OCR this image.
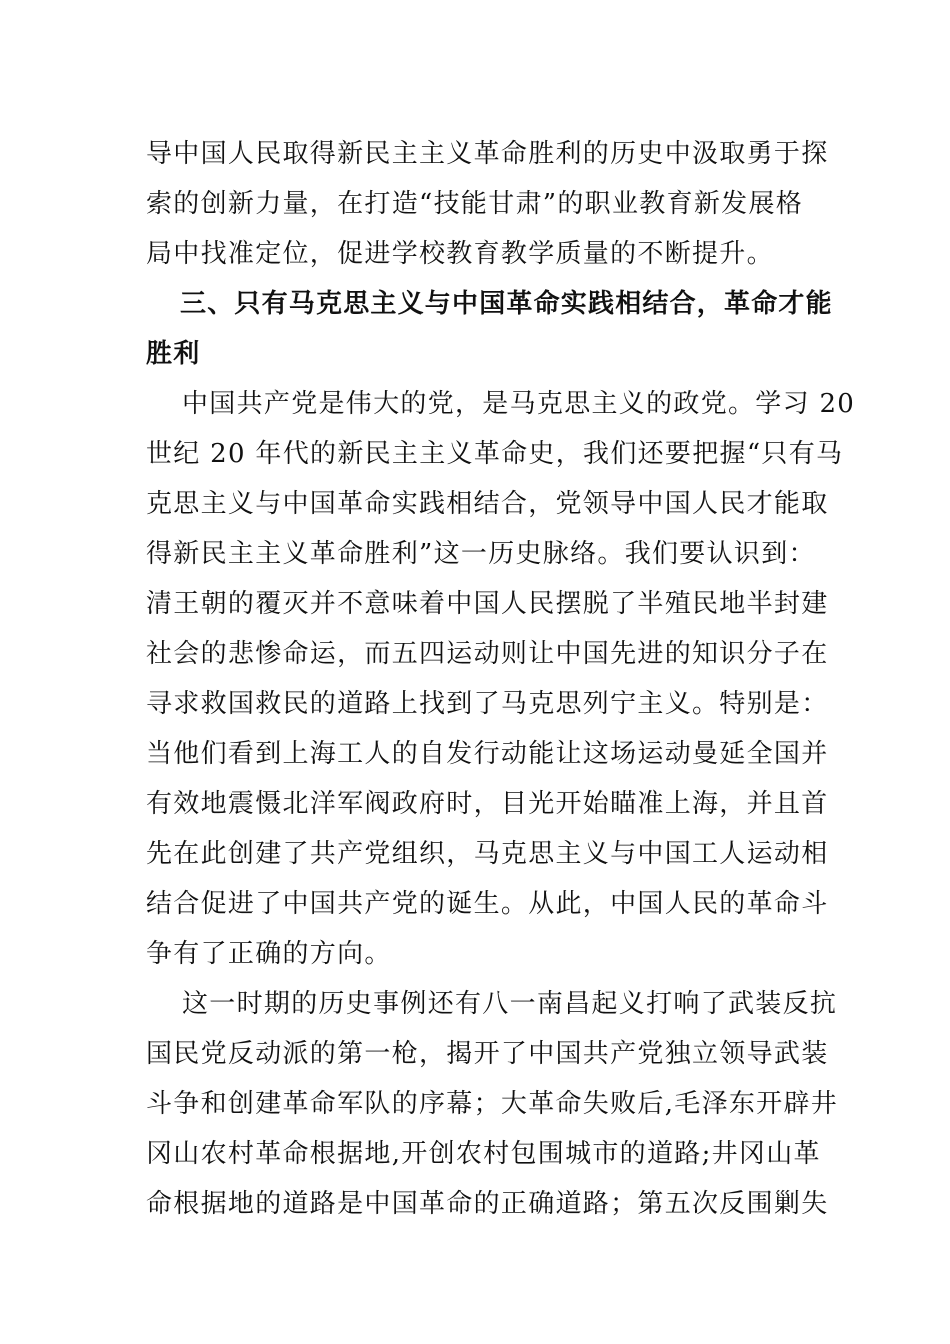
导中国人民取得新民主主义革命胜利的历史中汲取勇于探
索的创新力量，在打造“技能甘肃”的职业教育新发展格
局中找准定位，促进学校教育教学质量的不断提升。
三、只有马克思主义与中国革命实践相结合，革命才能
胜利
中国共产党是伟大的党，是马克思主义的政党。学习 20
世纪 20 年代的新民主主义革命史，我们还要把握“只有马
克思主义与中国革命实践相结合，党领导中国人民才能取
得新民主主义革命胜利”这一历史脉络。我们要认识到：
清王朝的覆灭并不意味着中国人民摆脱了半殖民地半封建
社会的悲惨命运，而五四运动则让中国先进的知识分子在
寻求救国救民的道路上找到了马克思列宁主义。特别是：
当他们看到上海工人的自发行动能让这场运动曼延全国并
有效地震慑北洋军阀政府时，目光开始瞄准上海，并且首
先在此创建了共产党组织，马克思主义与中国工人运动相
结合促进了中国共产党的诞生。从此，中国人民的革命斗
争有了正确的方向。
这一时期的历史事例还有八一南昌起义打响了武装反抗
国民党反动派的第一枪，揭开了中国共产党独立领导武装
斗争和创建革命军队的序幕；大革命失败后,毛泽东开辟井
冈山农村革命根据地,开创农村包围城市的道路;井冈山革
命根据地的道路是中国革命的正确道路；第五次反围剿失
